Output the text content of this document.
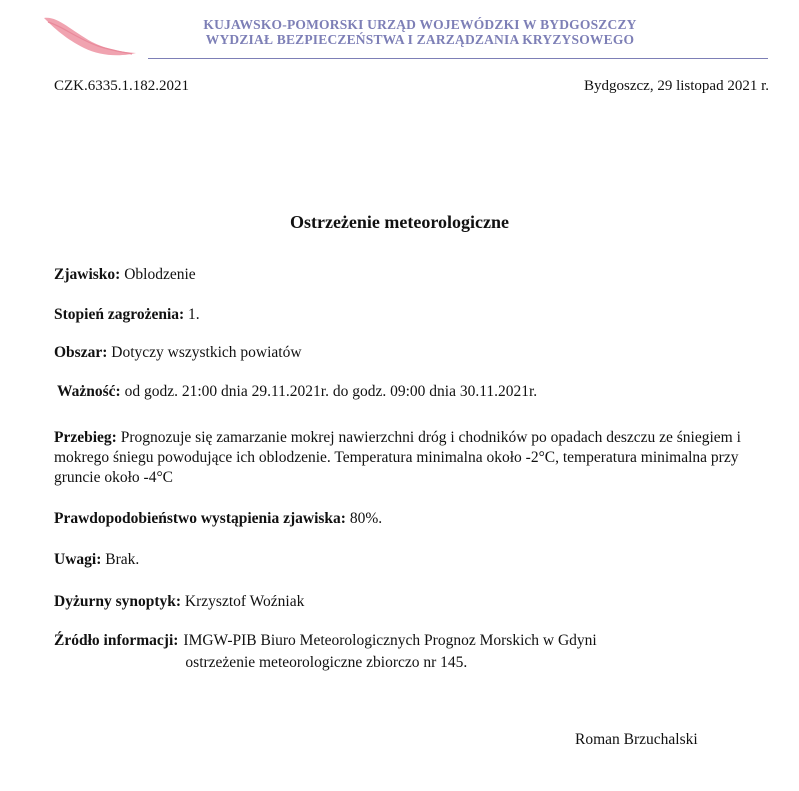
KUJAWSKO-POMORSKI URZĄD WOJEWÓDZKI W BYDGOSZCZY
WYDZIAŁ BEZPIECZEŃSTWA I ZARZĄDZANIA KRYZYSOWEGO
CZK.6335.1.182.2021	Bydgoszcz, 29 listopad 2021 r.
Ostrzeżenie meteorologiczne
Zjawisko: Oblodzenie
Stopień zagrożenia: 1.
Obszar: Dotyczy wszystkich powiatów
Ważność: od godz. 21:00 dnia 29.11.2021r. do godz. 09:00 dnia 30.11.2021r.
Przebieg: Prognozuje się zamarzanie mokrej nawierzchni dróg i chodników po opadach deszczu ze śniegiem i mokrego śniegu powodujące ich oblodzenie. Temperatura minimalna około -2°C, temperatura minimalna przy gruncie około -4°C
Prawdopodobieństwo wystąpienia zjawiska: 80%.
Uwagi: Brak.
Dyżurny synoptyk: Krzysztof Woźniak
Źródło informacji: IMGW-PIB Biuro Meteorologicznych Prognoz Morskich w Gdyni
ostrzeżenie meteorologiczne zbiorczo nr 145.
Roman Brzuchalski
